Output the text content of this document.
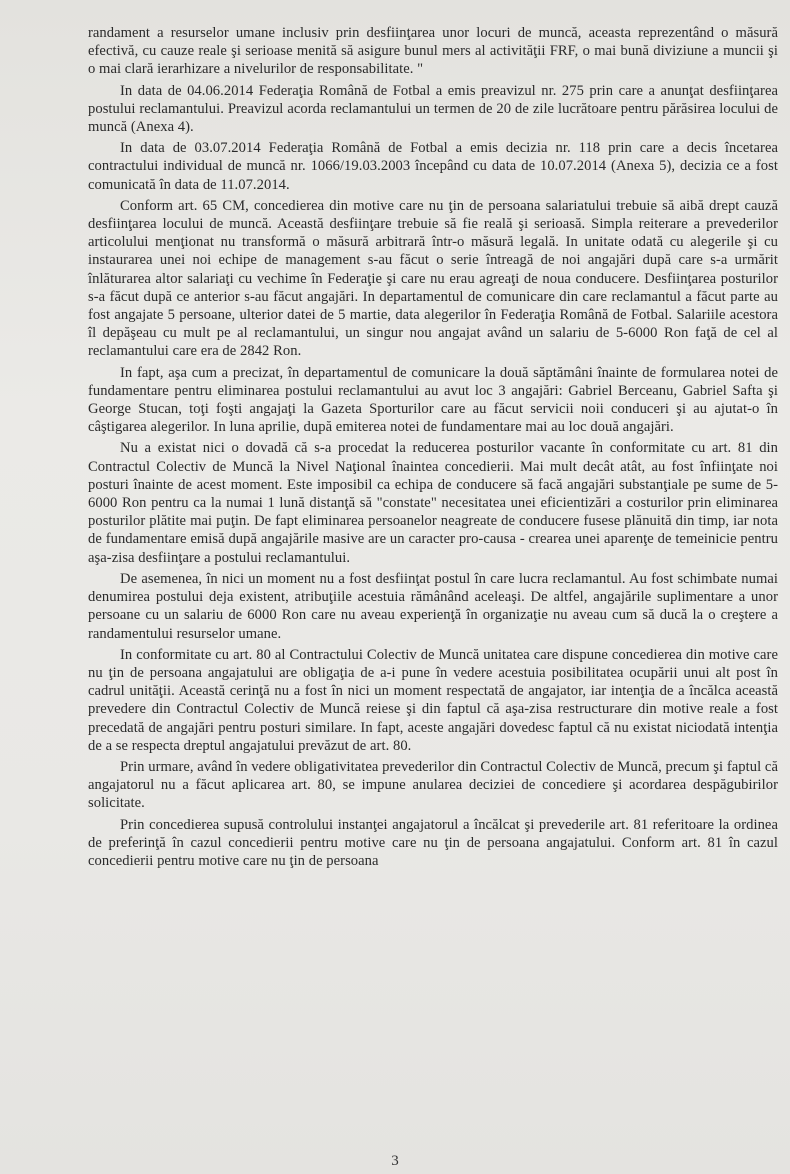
randament a resurselor umane inclusiv prin desfiinţarea unor locuri de muncă, aceasta reprezentând o măsură efectivă, cu cauze reale şi serioase menită să asigure bunul mers al activităţii FRF, o mai bună diviziune a muncii şi o mai clară ierarhizare a nivelurilor de responsabilitate. "

In data de 04.06.2014 Federaţia Română de Fotbal a emis preavizul nr. 275 prin care a anunţat desfiinţarea postului reclamantului. Preavizul acorda reclamantului un termen de 20 de zile lucrătoare pentru părăsirea locului de muncă (Anexa 4).

In data de 03.07.2014 Federaţia Română de Fotbal a emis decizia nr. 118 prin care a decis încetarea contractului individual de muncă nr. 1066/19.03.2003 începând cu data de 10.07.2014 (Anexa 5), decizia ce a fost comunicată în data de 11.07.2014.

Conform art. 65 CM, concedierea din motive care nu ţin de persoana salariatului trebuie să aibă drept cauză desfiinţarea locului de muncă. Această desfiinţare trebuie să fie reală şi serioasă. Simpla reiterare a prevederilor articolului menţionat nu transformă o măsură arbitrară într-o măsură legală. In unitate odată cu alegerile şi cu instaurarea unei noi echipe de management s-au făcut o serie întreagă de noi angajări după care s-a urmărit înlăturarea altor salariaţi cu vechime în Federaţie şi care nu erau agreaţi de noua conducere. Desfiinţarea posturilor s-a făcut după ce anterior s-au făcut angajări. In departamentul de comunicare din care reclamantul a făcut parte au fost angajate 5 persoane, ulterior datei de 5 martie, data alegerilor în Federaţia Română de Fotbal. Salariile acestora îl depăşeau cu mult pe al reclamantului, un singur nou angajat având un salariu de 5-6000 Ron faţă de cel al reclamantului care era de 2842 Ron.

In fapt, aşa cum a precizat, în departamentul de comunicare la două săptămâni înainte de formularea notei de fundamentare pentru eliminarea postului reclamantului au avut loc 3 angajări: Gabriel Berceanu, Gabriel Safta şi George Stucan, toţi foşti angajaţi la Gazeta Sporturilor care au făcut servicii noii conduceri şi au ajutat-o în câştigarea alegerilor. In luna aprilie, după emiterea notei de fundamentare mai au loc două angajări.

Nu a existat nici o dovadă că s-a procedat la reducerea posturilor vacante în conformitate cu art. 81 din Contractul Colectiv de Muncă la Nivel Naţional înaintea concedierii. Mai mult decât atât, au fost înfiinţate noi posturi înainte de acest moment. Este imposibil ca echipa de conducere să facă angajări substanţiale pe sume de 5-6000 Ron pentru ca la numai 1 lună distanţă să "constate" necesitatea unei eficientizări a costurilor prin eliminarea posturilor plătite mai puţin. De fapt eliminarea persoanelor neagreate de conducere fusese plănuită din timp, iar nota de fundamentare emisă după angajările masive are un caracter pro-causa - crearea unei aparenţe de temeinicie pentru aşa-zisa desfiinţare a postului reclamantului.

De asemenea, în nici un moment nu a fost desfiinţat postul în care lucra reclamantul. Au fost schimbate numai denumirea postului deja existent, atribuţiile acestuia rămânând aceleaşi. De altfel, angajările suplimentare a unor persoane cu un salariu de 6000 Ron care nu aveau experienţă în organizaţie nu aveau cum să ducă la o creştere a randamentului resurselor umane.

In conformitate cu art. 80 al Contractului Colectiv de Muncă unitatea care dispune concedierea din motive care nu ţin de persoana angajatului are obligaţia de a-i pune în vedere acestuia posibilitatea ocupării unui alt post în cadrul unităţii. Această cerinţă nu a fost în nici un moment respectată de angajator, iar intenţia de a încălca această prevedere din Contractul Colectiv de Muncă reiese şi din faptul că aşa-zisa restructurare din motive reale a fost precedată de angajări pentru posturi similare. In fapt, aceste angajări dovedesc faptul că nu existat niciodată intenţia de a se respecta dreptul angajatului prevăzut de art. 80.

Prin urmare, având în vedere obligativitatea prevederilor din Contractul Colectiv de Muncă, precum şi faptul că angajatorul nu a făcut aplicarea art. 80, se impune anularea deciziei de concediere şi acordarea despăgubirilor solicitate.

Prin concedierea supusă controlului instanţei angajatorul a încălcat şi prevederile art. 81 referitoare la ordinea de preferinţă în cazul concedierii pentru motive care nu ţin de persoana angajatului. Conform art. 81 în cazul concedierii pentru motive care nu ţin de persoana

3
